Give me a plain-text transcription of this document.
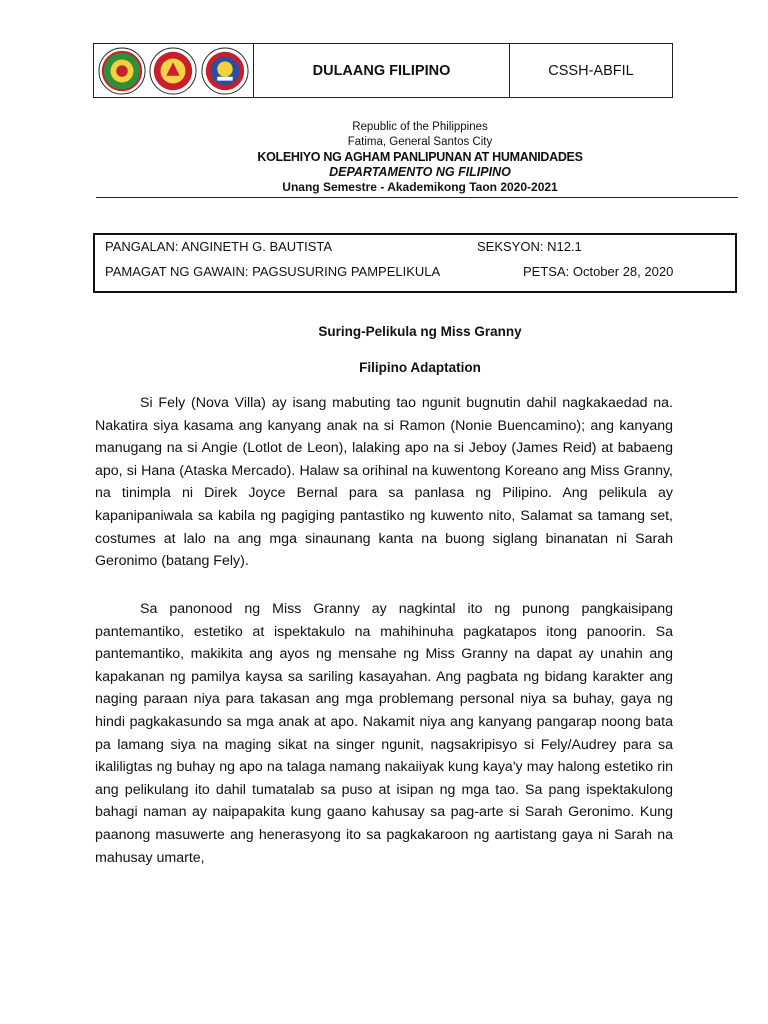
DULAANG FILIPINO	CSSH-ABFIL
Republic of the Philippines
Fatima, General Santos City
KOLEHIYO NG AGHAM PANLIPUNAN AT HUMANIDADES
DEPARTAMENTO NG FILIPINO
Unang Semestre - Akademikong Taon 2020-2021
PANGALAN: ANGINETH G. BAUTISTA	SEKSYON: N12.1
PAMAGAT NG GAWAIN: PAGSUSURING PAMPELIKULA	PETSA: October 28, 2020
Suring-Pelikula ng Miss Granny
Filipino Adaptation
Si Fely (Nova Villa) ay isang mabuting tao ngunit bugnutin dahil nagkakaedad na. Nakatira siya kasama ang kanyang anak na si Ramon (Nonie Buencamino); ang kanyang manugang na si Angie (Lotlot de Leon), lalaking apo na si Jeboy (James Reid) at babaeng apo, si Hana (Ataska Mercado). Halaw sa orihinal na kuwentong Koreano ang Miss Granny, na tinimpla ni Direk Joyce Bernal para sa panlasa ng Pilipino. Ang pelikula ay kapanipaniwala sa kabila ng pagiging pantastiko ng kuwento nito, Salamat sa tamang set, costumes at lalo na ang mga sinaunang kanta na buong siglang binanatan ni Sarah Geronimo (batang Fely).
Sa panonood ng Miss Granny ay nagkintal ito ng punong pangkaisipang pantemantiko, estetiko at ispektakulo na mahihinuha pagkatapos itong panoorin. Sa pantemantiko, makikita ang ayos ng mensahe ng Miss Granny na dapat ay unahin ang kapakanan ng pamilya kaysa sa sariling kasayahan. Ang pagbata ng bidang karakter ang naging paraan niya para takasan ang mga problemang personal niya sa buhay, gaya ng hindi pagkakasundo sa mga anak at apo. Nakamit niya ang kanyang pangarap noong bata pa lamang siya na maging sikat na singer ngunit, nagsakripisyo si Fely/Audrey para sa ikaliligtas ng buhay ng apo na talaga namang nakaiiyak kung kaya'y may halong estetiko rin ang pelikulang ito dahil tumatalab sa puso at isipan ng mga tao. Sa pang ispektakulong bahagi naman ay naipapakita kung gaano kahusay sa pag-arte si Sarah Geronimo. Kung paanong masuwerte ang henerasyong ito sa pagkakaroon ng aartistang gaya ni Sarah na mahusay umarte,
